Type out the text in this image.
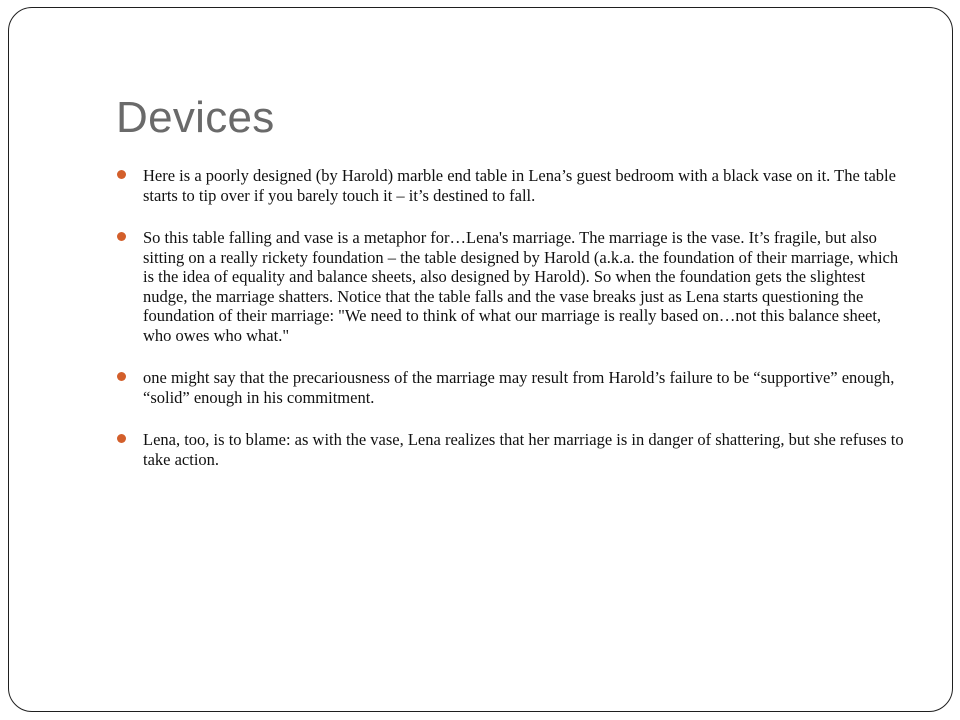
Devices
Here is a poorly designed (by Harold) marble end table in Lena’s guest bedroom with a black vase on it. The table starts to tip over if you barely touch it – it’s destined to fall.
So this table falling and vase is a metaphor for…Lena's marriage. The marriage is the vase. It’s fragile, but also sitting on a really rickety foundation – the table designed by Harold (a.k.a. the foundation of their marriage, which is the idea of equality and balance sheets, also designed by Harold). So when the foundation gets the slightest nudge, the marriage shatters. Notice that the table falls and the vase breaks just as Lena starts questioning the foundation of their marriage: "We need to think of what our marriage is really based on…not this balance sheet, who owes who what."
one might say that the precariousness of the marriage may result from Harold’s failure to be “supportive” enough, “solid” enough in his commitment.
Lena, too, is to blame: as with the vase, Lena realizes that her marriage is in danger of shattering, but she refuses to take action.
